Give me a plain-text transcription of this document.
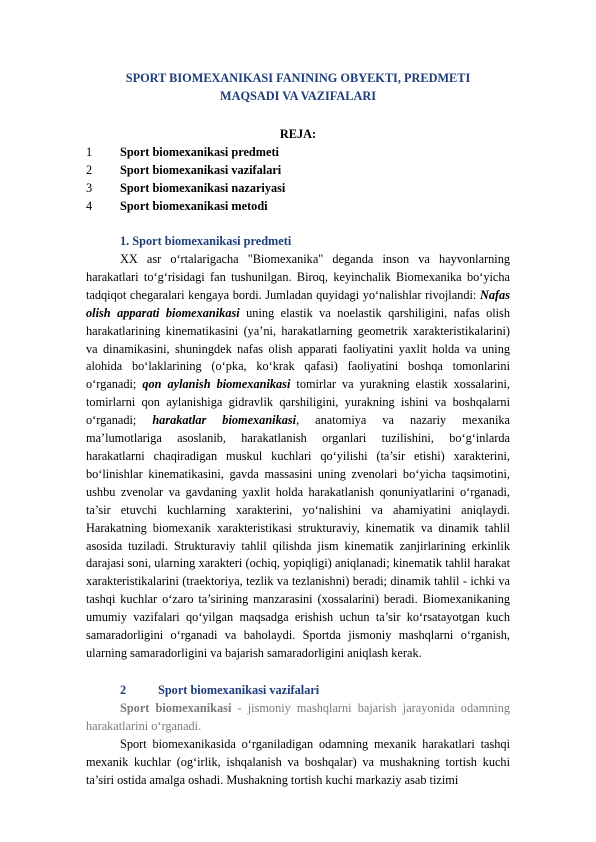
SPORT BIOMEXANIKASI FANINING OBYEKTI, PREDMETI
MAQSADI VA VAZIFALARI
REJA:
1	Sport biomexanikasi predmeti
2	Sport biomexanikasi vazifalari
3	Sport biomexanikasi nazariyasi
4	Sport biomexanikasi metodi
1. Sport biomexanikasi predmeti

XX asr o‘rtalarigacha "Biomexanika" deganda inson va hayvonlarning harakatlari to‘g‘risidagi fan tushunilgan. Biroq, keyinchalik Biomexanika bo‘yicha tadqiqot chegaralari kengaya bordi. Jumladan quyidagi yo‘nalishlar rivojlandi: Nafas olish apparati biomexanikasi uning elastik va noelastik qarshiligini, nafas olish harakatlarining kinematikasini (ya’ni, harakatlarning geometrik xarakteristikalarini) va dinamikasini, shuningdek nafas olish apparati faoliyatini yaxlit holda va uning alohida bo‘laklarining (o‘pka, ko‘krak qafasi) faoliyatini boshqa tomonlarini o‘rganadi; qon aylanish biomexanikasi tomirlar va yurakning elastik xossalarini, tomirlarni qon aylanishiga gidravlik qarshiligini, yurakning ishini va boshqalarni o‘rganadi; harakatlar biomexanikasi, anatomiya va nazariy mexanika ma’lumotlariga asoslanib, harakatlanish organlari tuzilishini, bo‘g‘inlarda harakatlarni chaqiradigan muskul kuchlari qo‘yilishi (ta’sir etishi) xarakterini, bo‘linishlar kinematikasini, gavda massasini uning zvenolari bo‘yicha taqsimotini, ushbu zvenolar va gavdaning yaxlit holda harakatlanish qonuniyatlarini o‘rganadi, ta’sir etuvchi kuchlarning xarakterini, yo‘nalishini va ahamiyatini aniqlaydi. Harakatning biomexanik xarakteristikasi strukturaviy, kinematik va dinamik tahlil asosida tuziladi. Strukturaviy tahlil qilishda jism kinematik zanjirlarining erkinlik darajasi soni, ularning xarakteri (ochiq, yopiqligi) aniqlanadi; kinematik tahlil harakat xarakteristikalarini (traektoriya, tezlik va tezlanishni) beradi; dinamik tahlil - ichki va tashqi kuchlar o‘zaro ta’sirining manzarasini (xossalarini) beradi. Biomexanikaning umumiy vazifalari qo‘yilgan maqsadga erishish uchun ta’sir ko‘rsatayotgan kuch samaradorligini o‘rganadi va baholaydi. Sportda jismoniy mashqlarni o‘rganish, ularning samaradorligini va bajarish samaradorligini aniqlash kerak.

2	Sport biomexanikasi vazifalari

Sport biomexanikasi - jismoniy mashqlarni bajarish jarayonida odamning harakatlarini o‘rganadi.

Sport biomexanikasida o‘rganiladigan odamning mexanik harakatlari tashqi mexanik kuchlar (og‘irlik, ishqalanish va boshqalar) va mushakning tortish kuchi ta’siri ostida amalga oshadi. Mushakning tortish kuchi markaziy asab tizimi
